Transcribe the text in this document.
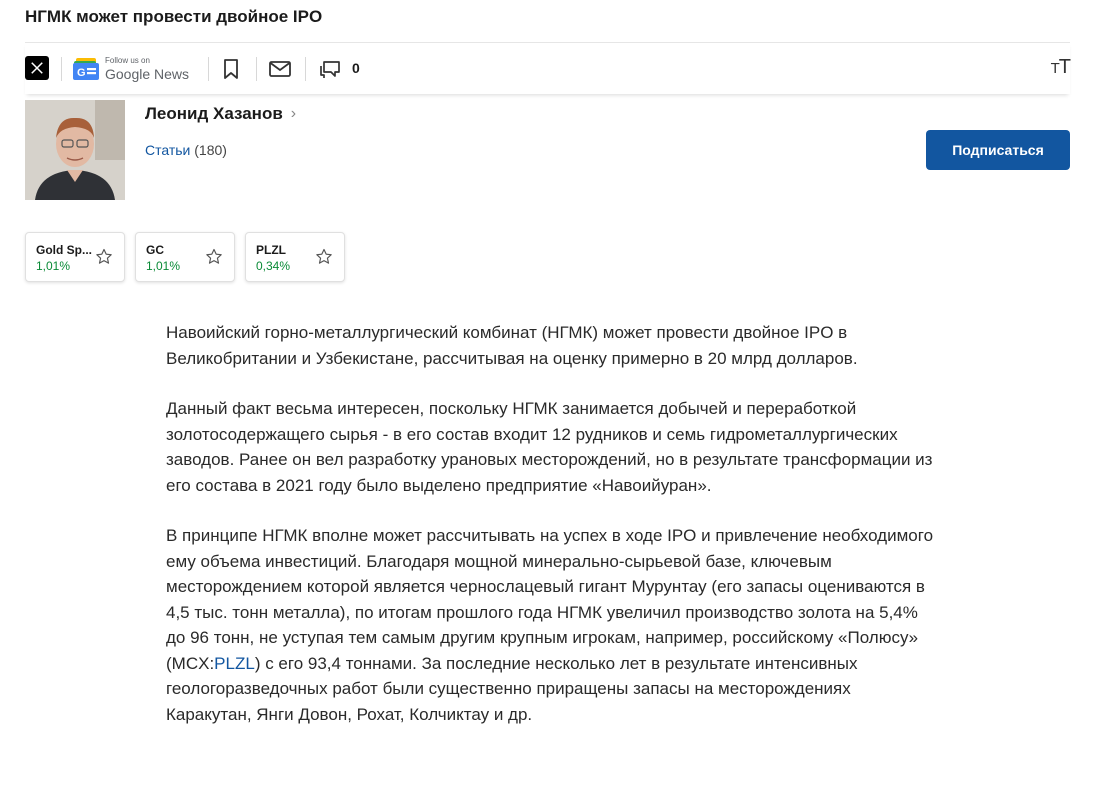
НГМК может провести двойное IPO
G
Follow us on
Google News	0	TT
Леонид Хазанов ›
Статьи (180)	Подписаться
Gold Sp...
1,01%
GC
1,01%
PLZL
0,34%

Навоийский горно-металлургический комбинат (НГМК) может провести двойное IPO в Великобритании и Узбекистане, рассчитывая на оценку примерно в 20 млрд долларов.

Данный факт весьма интересен, поскольку НГМК занимается добычей и переработкой золотосодержащего сырья - в его состав входит 12 рудников и семь гидрометаллургических заводов. Ранее он вел разработку урановых месторождений, но в результате трансформации из его состава в 2021 году было выделено предприятие «Навоийуран».

В принципе НГМК вполне может рассчитывать на успех в ходе IPO и привлечение необходимого ему объема инвестиций. Благодаря мощной минерально-сырьевой базе, ключевым месторождением которой является чернослацевый гигант Мурунтау (его запасы оцениваются в 4,5 тыс. тонн металла), по итогам прошлого года НГМК увеличил производство золота на 5,4% до 96 тонн, не уступая тем самым другим крупным игрокам, например, российскому «Полюсу» (MCX:PLZL) с его 93,4 тоннами. За последние несколько лет в результате интенсивных геологоразведочных работ были существенно приращены запасы на месторождениях Каракутан, Янги Довон, Рохат, Колчиктау и др.
